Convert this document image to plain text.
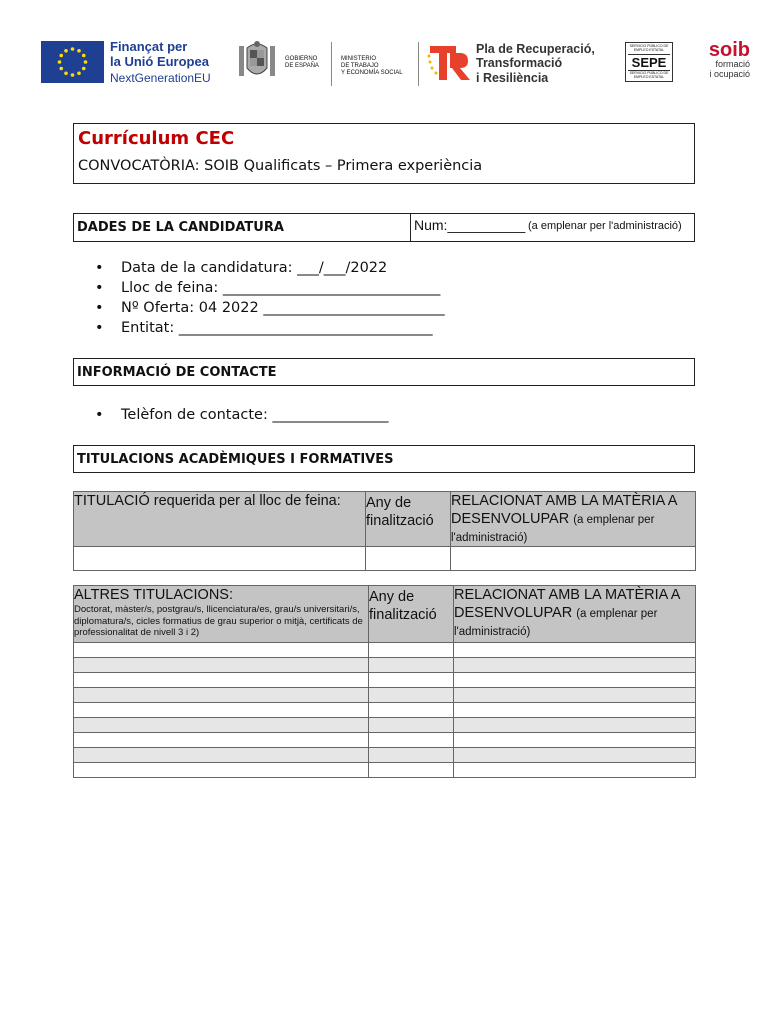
Finançat per
la Unió Europea
NextGenerationEU
GOBIERNO
DE ESPAÑA
MINISTERIO
DE TRABAJO
Y ECONOMÍA SOCIAL
Pla de Recuperació,
Transformació
i Resiliència
SERVICIO PÚBLICO DE EMPLEO ESTATAL
SEPE
SERVICIO PÚBLICO DE EMPLEO ESTATAL
soib
formació
i ocupació
Currículum CEC
CONVOCATÒRIA: SOIB Qualificats – Primera experiència
DADES DE LA CANDIDATURA	Num:__________ (a emplenar per l'administració)
• Data de la candidatura: ___/___/2022
• Lloc de feina: ______________________________
• Nº Oferta: 04 2022 _________________________
• Entitat: ___________________________________
INFORMACIÓ DE CONTACTE
• Telèfon de contacte: ________________
TITULACIONS ACADÈMIQUES I FORMATIVES
TITULACIÓ requerida per al lloc de feina:	Any de finalització	RELACIONAT AMB LA MATÈRIA A DESENVOLUPAR (a emplenar per l'administració)

ALTRES TITULACIONS:
Doctorat, màster/s, postgrau/s, llicenciatura/es, grau/s universitari/s, diplomatura/s, cicles formatius de grau superior o mitjà, certificats de professionalitat de nivell 3 i 2)	Any de finalització	RELACIONAT AMB LA MATÈRIA A DESENVOLUPAR (a emplenar per l'administració)
